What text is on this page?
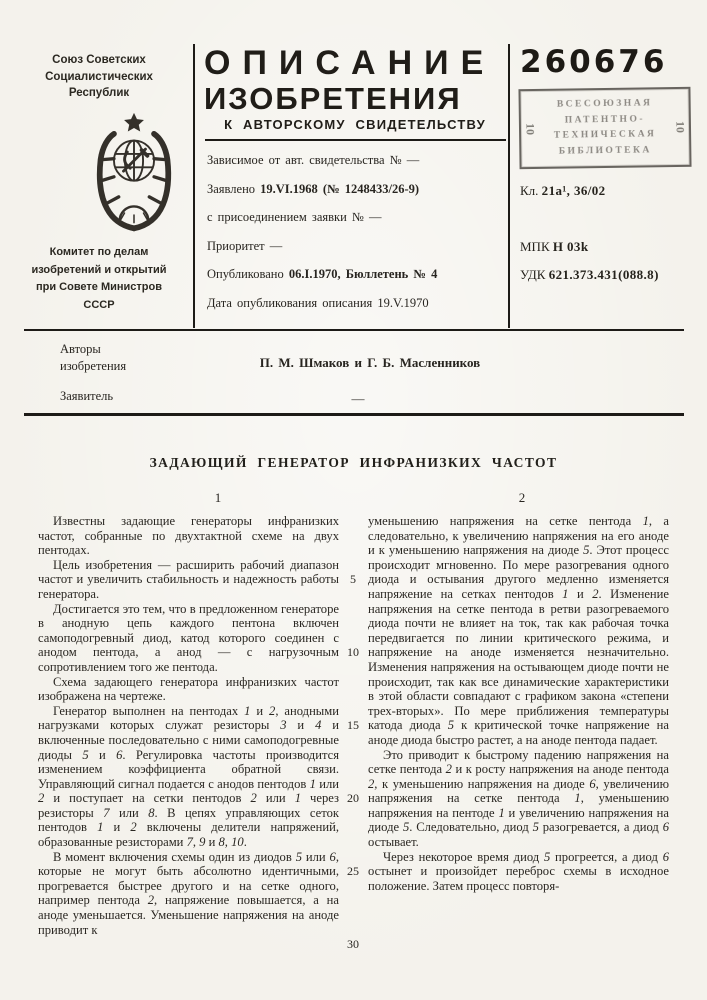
Союз Советских
Социалистических
Республик
Комитет по делам
изобретений и открытий
при Совете Министров
СССР
ОПИСАНИЕ
ИЗОБРЕТЕНИЯ
К АВТОРСКОМУ СВИДЕТЕЛЬСТВУ
Зависимое от авт. свидетельства № —
Заявлено 19.VI.1968 (№ 1248433/26-9)
с присоединением заявки № —
Приоритет —
Опубликовано 06.I.1970, Бюллетень № 4
Дата опубликования описания 19.V.1970
260676
ВСЕСОЮЗНАЯ
ПАТЕНТНО-
ТЕХНИЧЕСКАЯ
БИБЛИОТЕКА
10	10
Кл. 21а¹, 36/02
МПК Н 03k
УДК 621.373.431(088.8)
Авторы
изобретения	П. М. Шмаков и Г. Б. Масленников
Заявитель	—
ЗАДАЮЩИЙ ГЕНЕРАТОР ИНФРАНИЗКИХ ЧАСТОТ
1	2

Известны задающие генераторы инфранизких частот, собранные по двухтактной схеме на двух пентодах.

Цель изобретения — расширить рабочий диапазон частот и увеличить стабильность и надежность работы генератора.

Достигается это тем, что в предложенном генераторе в анодную цепь каждого пентона включен самоподогревный диод, катод которого соединен с анодом пентода, а анод — с нагрузочным сопротивлением того же пентода.

Схема задающего генератора инфранизких частот изображена на чертеже.

Генератор выполнен на пентодах 1 и 2, анодными нагрузками которых служат резисторы 3 и 4 и включенные последовательно с ними самоподогревные диоды 5 и 6. Регулировка частоты производится изменением коэффициента обратной связи. Управляющий сигнал подается с анодов пентодов 1 или 2 и поступает на сетки пентодов 2 или 1 через резисторы 7 или 8. В цепях управляющих сеток пентодов 1 и 2 включены делители напряжений, образованные резисторами 7, 9 и 8, 10.

В момент включения схемы один из диодов 5 или 6, которые не могут быть абсолютно идентичными, прогревается быстрее другого и на сетке одного, например пентода 2, напряжение повышается, а на аноде уменьшается. Уменьшение напряжения на аноде приводит к

5
10
15
20
25
30

уменьшению напряжения на сетке пентода 1, а следовательно, к увеличению напряжения на его аноде и к уменьшению напряжения на диоде 5. Этот процесс происходит мгновенно. По мере разогревания одного диода и остывания другого медленно изменяется напряжение на сетках пентодов 1 и 2. Изменение напряжения на сетке пентода в ретви разогреваемого диода почти не влияет на ток, так как рабочая точка передвигается по линии критического режима, и напряжение на аноде изменяется незначительно. Изменения напряжения на остывающем диоде почти не происходит, так как все динамические характеристики в этой области совпадают с графиком закона «степени трех-вторых». По мере приближения температуры катода диода 5 к критической точке напряжение на аноде диода быстро растет, а на аноде пентода падает.

Это приводит к быстрому падению напряжения на сетке пентода 2 и к росту напряжения на аноде пентода 2, к уменьшению напряжения на диоде 6, увеличению напряжения на сетке пентода 1, уменьшению напряжения на пентоде 1 и увеличению напряжения на диоде 5. Следовательно, диод 5 разогревается, а диод 6 остывает.

Через некоторое время диод 5 прогреется, а диод 6 остынет и произойдет переброс схемы в исходное положение. Затем процесс повторя-
